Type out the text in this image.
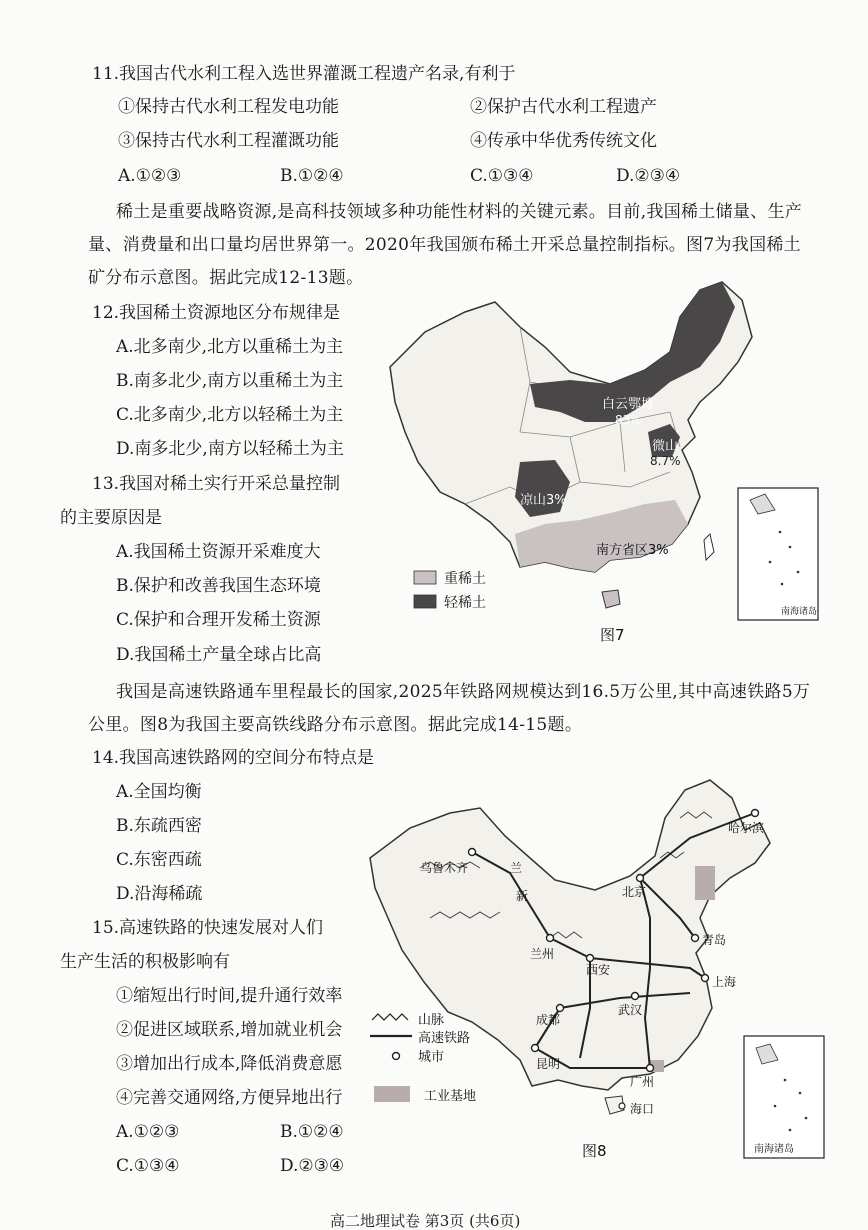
11.我国古代水利工程入选世界灌溉工程遗产名录,有利于
①保持古代水利工程发电功能	②保护古代水利工程遗产
③保持古代水利工程灌溉功能	④传承中华优秀传统文化
A.①②③	B.①②④	C.①③④	D.②③④
稀土是重要战略资源,是高科技领域多种功能性材料的关键元素。目前,我国稀土储量、生产量、消费量和出口量均居世界第一。2020年我国颁布稀土开采总量控制指标。图7为我国稀土矿分布示意图。据此完成12-13题。
12.我国稀土资源地区分布规律是
A.北多南少,北方以重稀土为主
B.南多北少,南方以重稀土为主
C.北多南少,北方以轻稀土为主
D.南多北少,南方以轻稀土为主
13.我国对稀土实行开采总量控制
的主要原因是
A.我国稀土资源开采难度大
B.保护和改善我国生态环境
C.保护和合理开发稀土资源
D.我国稀土产量全球占比高
白云鄂博
83%
微山
8.7%
凉山3%
南方省区3%
重稀土
轻稀土
南海诸岛
图7
我国是高速铁路通车里程最长的国家,2025年铁路网规模达到16.5万公里,其中高速铁路5万公里。图8为我国主要高铁线路分布示意图。据此完成14-15题。
14.我国高速铁路网的空间分布特点是
A.全国均衡
B.东疏西密
C.东密西疏
D.沿海稀疏
15.高速铁路的快速发展对人们
生产生活的积极影响有
①缩短出行时间,提升通行效率
②促进区域联系,增加就业机会
③增加出行成本,降低消费意愿
④完善交通网络,方便异地出行
A.①②③	B.①②④
C.①③④	D.②③④
乌鲁木齐	兰
新
哈尔滨
北京
青岛
兰州
西安
上海
武汉
成都
昆明
广州
海口
山脉
高速铁路
城市
工业基地
南海诸岛
图8
高二地理试卷 第3页 (共6页)
